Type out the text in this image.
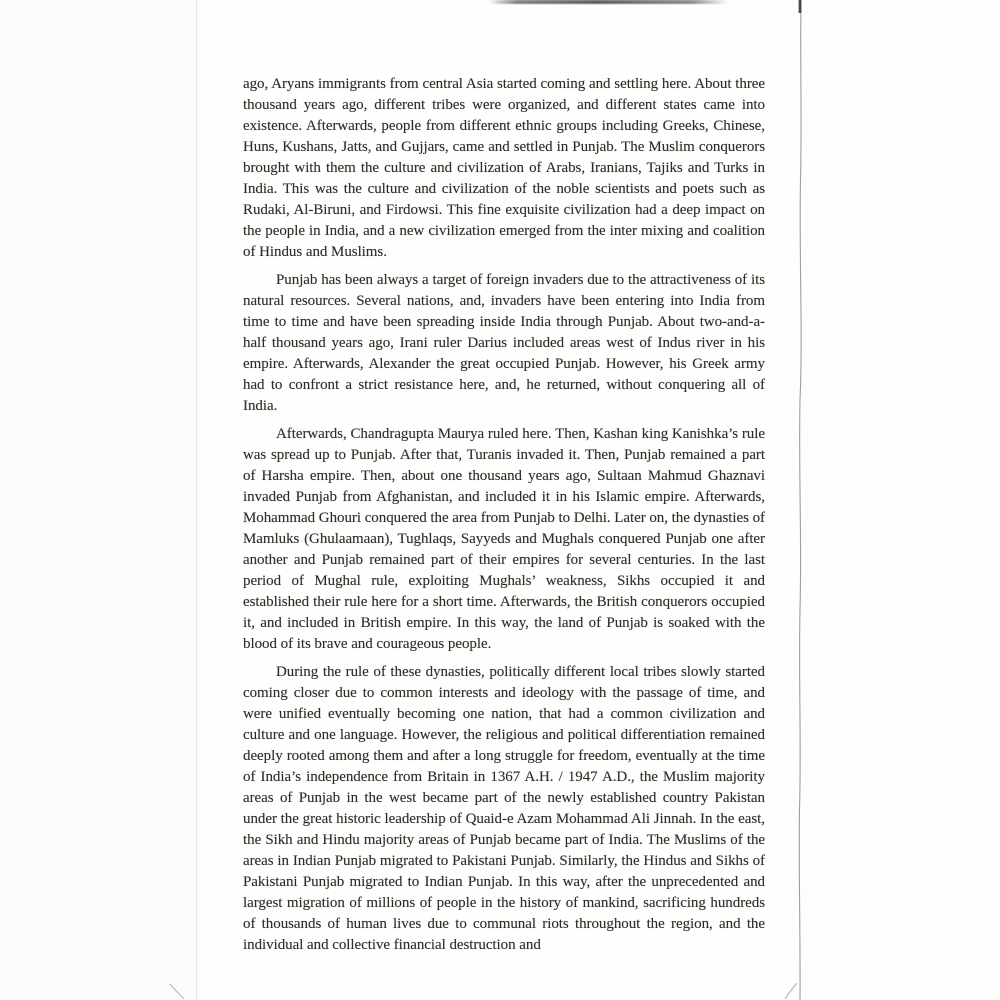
ago, Aryans immigrants from central Asia started coming and settling here. About three thousand years ago, different tribes were organized, and different states came into existence. Afterwards, people from different ethnic groups including Greeks, Chinese, Huns, Kushans, Jatts, and Gujjars, came and settled in Punjab. The Muslim conquerors brought with them the culture and civilization of Arabs, Iranians, Tajiks and Turks in India. This was the culture and civilization of the noble scientists and poets such as Rudaki, Al-Biruni, and Firdowsi. This fine exquisite civilization had a deep impact on the people in India, and a new civilization emerged from the inter mixing and coalition of Hindus and Muslims.

Punjab has been always a target of foreign invaders due to the attractiveness of its natural resources. Several nations, and, invaders have been entering into India from time to time and have been spreading inside India through Punjab. About two-and-a-half thousand years ago, Irani ruler Darius included areas west of Indus river in his empire. Afterwards, Alexander the great occupied Punjab. However, his Greek army had to confront a strict resistance here, and, he returned, without conquering all of India.

Afterwards, Chandragupta Maurya ruled here. Then, Kashan king Kanishka’s rule was spread up to Punjab. After that, Turanis invaded it. Then, Punjab remained a part of Harsha empire. Then, about one thousand years ago, Sultaan Mahmud Ghaznavi invaded Punjab from Afghanistan, and included it in his Islamic empire. Afterwards, Mohammad Ghouri conquered the area from Punjab to Delhi. Later on, the dynasties of Mamluks (Ghulaamaan), Tughlaqs, Sayyeds and Mughals conquered Punjab one after another and Punjab remained part of their empires for several centuries. In the last period of Mughal rule, exploiting Mughals’ weakness, Sikhs occupied it and established their rule here for a short time. Afterwards, the British conquerors occupied it, and included in British empire. In this way, the land of Punjab is soaked with the blood of its brave and courageous people.

During the rule of these dynasties, politically different local tribes slowly started coming closer due to common interests and ideology with the passage of time, and were unified eventually becoming one nation, that had a common civilization and culture and one language. However, the religious and political differentiation remained deeply rooted among them and after a long struggle for freedom, eventually at the time of India’s independence from Britain in 1367 A.H. / 1947 A.D., the Muslim majority areas of Punjab in the west became part of the newly established country Pakistan under the great historic leadership of Quaid-e Azam Mohammad Ali Jinnah. In the east, the Sikh and Hindu majority areas of Punjab became part of India. The Muslims of the areas in Indian Punjab migrated to Pakistani Punjab. Similarly, the Hindus and Sikhs of Pakistani Punjab migrated to Indian Punjab. In this way, after the unprecedented and largest migration of millions of people in the history of mankind, sacrificing hundreds of thousands of human lives due to communal riots throughout the region, and the individual and collective financial destruction and
